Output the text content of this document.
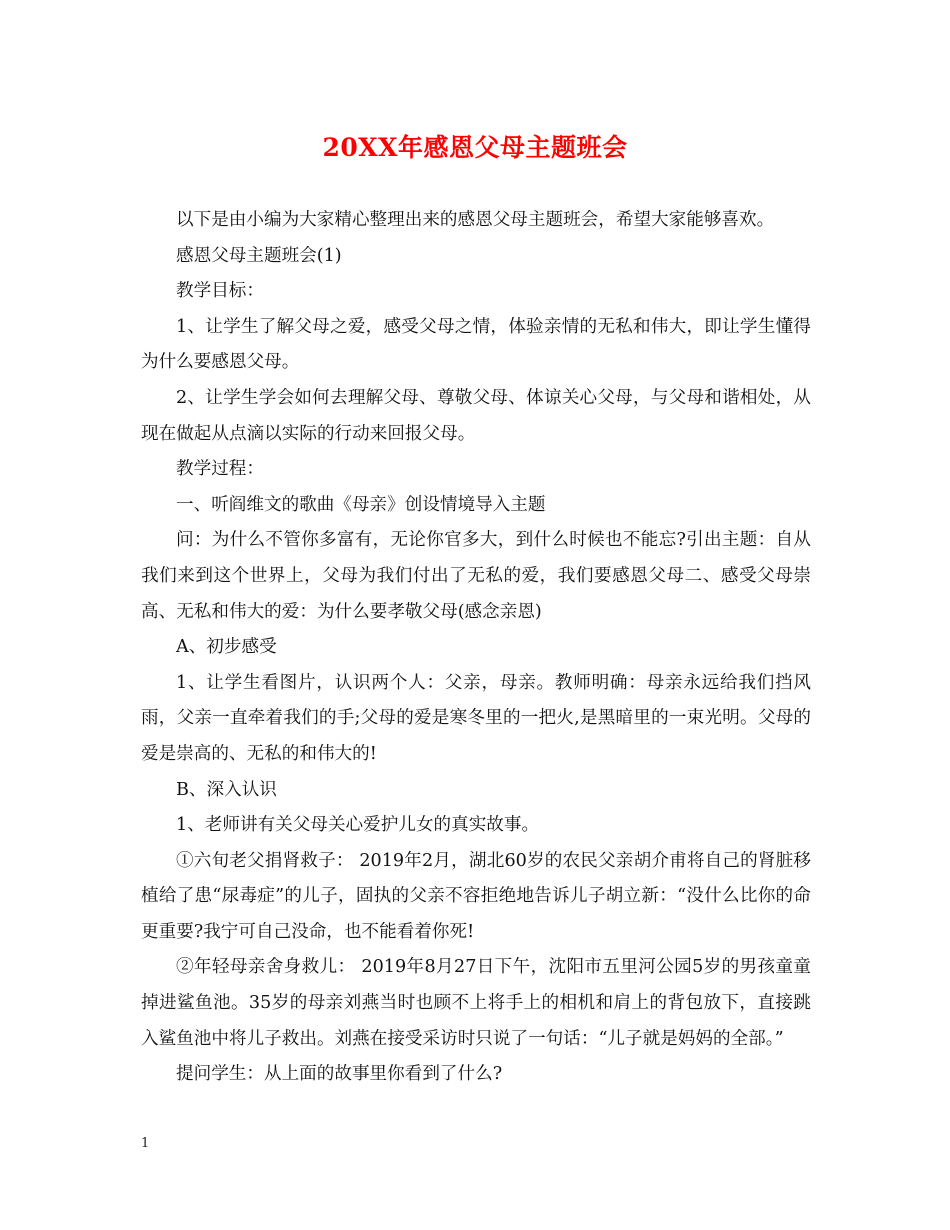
20XX年感恩父母主题班会

以下是由小编为大家精心整理出来的感恩父母主题班会，希望大家能够喜欢。

感恩父母主题班会(1)

教学目标：

1、让学生了解父母之爱，感受父母之情，体验亲情的无私和伟大，即让学生懂得为什么要感恩父母。

2、让学生学会如何去理解父母、尊敬父母、体谅关心父母，与父母和谐相处，从现在做起从点滴以实际的行动来回报父母。

教学过程：

一、听阎维文的歌曲《母亲》创设情境导入主题

问：为什么不管你多富有，无论你官多大，到什么时候也不能忘?引出主题：自从我们来到这个世界上，父母为我们付出了无私的爱，我们要感恩父母二、感受父母崇高、无私和伟大的爱：为什么要孝敬父母(感念亲恩)

A、初步感受

1、让学生看图片，认识两个人：父亲，母亲。教师明确：母亲永远给我们挡风雨，父亲一直牵着我们的手;父母的爱是寒冬里的一把火,是黑暗里的一束光明。父母的爱是崇高的、无私的和伟大的!

B、深入认识

1、老师讲有关父母关心爱护儿女的真实故事。

①六旬老父捐肾救子： 2019年2月，湖北60岁的农民父亲胡介甫将自己的肾脏移植给了患“尿毒症”的儿子，固执的父亲不容拒绝地告诉儿子胡立新：“没什么比你的命更重要?我宁可自己没命，也不能看着你死!

②年轻母亲舍身救儿： 2019年8月27日下午，沈阳市五里河公园5岁的男孩童童掉进鲨鱼池。35岁的母亲刘燕当时也顾不上将手上的相机和肩上的背包放下，直接跳入鲨鱼池中将儿子救出。刘燕在接受采访时只说了一句话：“儿子就是妈妈的全部。”

提问学生：从上面的故事里你看到了什么?

1
